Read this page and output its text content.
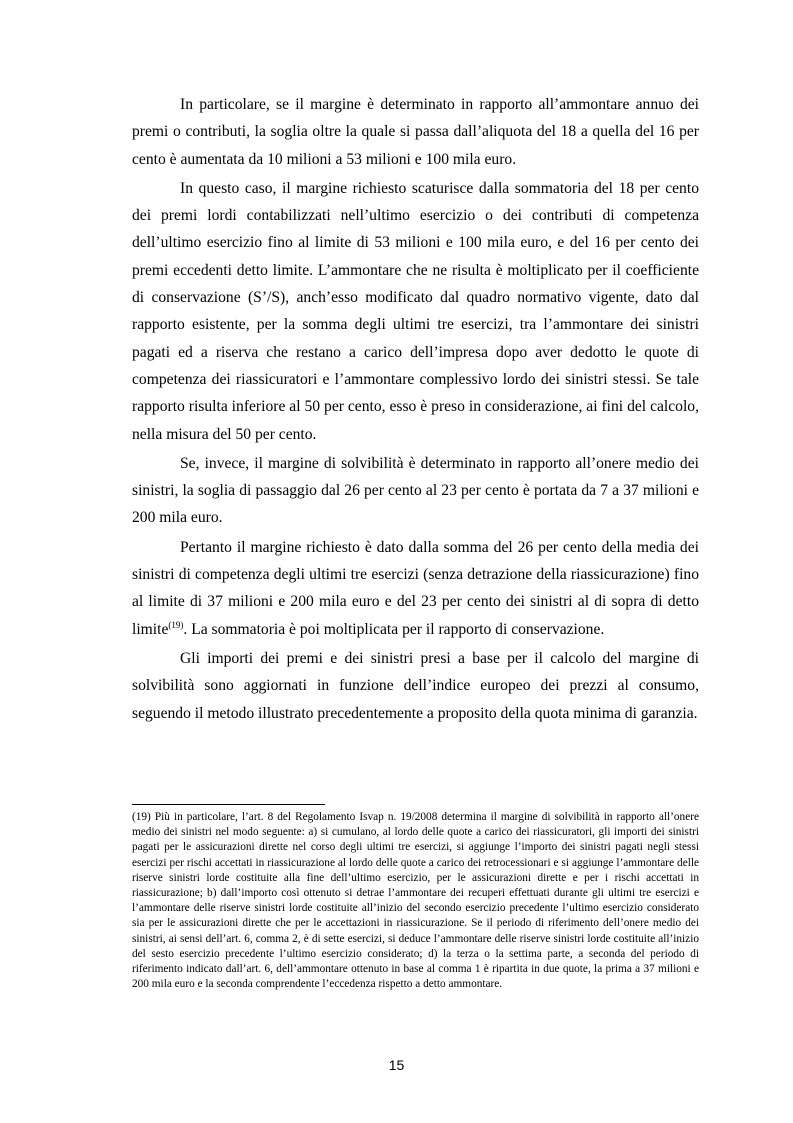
In particolare, se il margine è determinato in rapporto all’ammontare annuo dei premi o contributi, la soglia oltre la quale si passa dall’aliquota del 18 a quella del 16 per cento è aumentata da 10 milioni a 53 milioni e 100 mila euro.

In questo caso, il margine richiesto scaturisce dalla sommatoria del 18 per cento dei premi lordi contabilizzati nell’ultimo esercizio o dei contributi di competenza dell’ultimo esercizio fino al limite di 53 milioni e 100 mila euro, e del 16 per cento dei premi eccedenti detto limite. L’ammontare che ne risulta è moltiplicato per il coefficiente di conservazione (S’/S), anch’esso modificato dal quadro normativo vigente, dato dal rapporto esistente, per la somma degli ultimi tre esercizi, tra l’ammontare dei sinistri pagati ed a riserva che restano a carico dell’impresa dopo aver dedotto le quote di competenza dei riassicuratori e l’ammontare complessivo lordo dei sinistri stessi. Se tale rapporto risulta inferiore al 50 per cento, esso è preso in considerazione, ai fini del calcolo, nella misura del 50 per cento.

Se, invece, il margine di solvibilità è determinato in rapporto all’onere medio dei sinistri, la soglia di passaggio dal 26 per cento al 23 per cento è portata da 7 a 37 milioni e 200 mila euro.

Pertanto il margine richiesto è dato dalla somma del 26 per cento della media dei sinistri di competenza degli ultimi tre esercizi (senza detrazione della riassicurazione) fino al limite di 37 milioni e 200 mila euro e del 23 per cento dei sinistri al di sopra di detto limite$^{(19)}$. La sommatoria è poi moltiplicata per il rapporto di conservazione.

Gli importi dei premi e dei sinistri presi a base per il calcolo del margine di solvibilità sono aggiornati in funzione dell’indice europeo dei prezzi al consumo, seguendo il metodo illustrato precedentemente a proposito della quota minima di garanzia.

(19) Più in particolare, l’art. 8 del Regolamento Isvap n. 19/2008 determina il margine di solvibilità in rapporto all’onere medio dei sinistri nel modo seguente: a) si cumulano, al lordo delle quote a carico dei riassicuratori, gli importi dei sinistri pagati per le assicurazioni dirette nel corso degli ultimi tre esercizi, si aggiunge l’importo dei sinistri pagati negli stessi esercizi per rischi accettati in riassicurazione al lordo delle quote a carico dei retrocessionari e si aggiunge l’ammontare delle riserve sinistri lorde costituite alla fine dell’ultimo esercizio, per le assicurazioni dirette e per i rischi accettati in riassicurazione; b) dall’importo così ottenuto si detrae l’ammontare dei recuperi effettuati durante gli ultimi tre esercizi e l’ammontare delle riserve sinistri lorde costituite all’inizio del secondo esercizio precedente l’ultimo esercizio considerato sia per le assicurazioni dirette che per le accettazioni in riassicurazione. Se il periodo di riferimento dell’onere medio dei sinistri, ai sensi dell’art. 6, comma 2, è di sette esercizi, si deduce l’ammontare delle riserve sinistri lorde costituite all’inizio del sesto esercizio precedente l’ultimo esercizio considerato; d) la terza o la settima parte, a seconda del periodo di riferimento indicato dall’art. 6, dell’ammontare ottenuto in base al comma 1 è ripartita in due quote, la prima a 37 milioni e 200 mila euro e la seconda comprendente l’eccedenza rispetto a detto ammontare.

15
